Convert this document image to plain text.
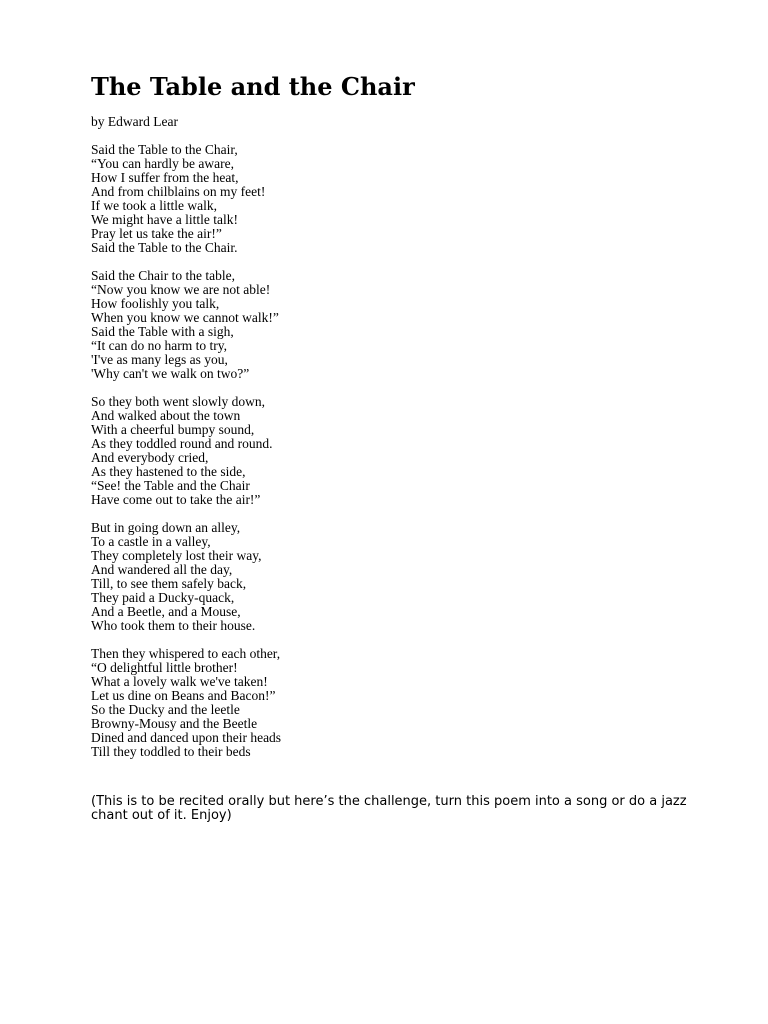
The Table and the Chair

by Edward Lear

Said the Table to the Chair,
“You can hardly be aware,
How I suffer from the heat,
And from chilblains on my feet!
If we took a little walk,
We might have a little talk!
Pray let us take the air!”
Said the Table to the Chair.
Said the Chair to the table,
“Now you know we are not able!
How foolishly you talk,
When you know we cannot walk!”
Said the Table with a sigh,
“It can do no harm to try,
'I've as many legs as you,
'Why can't we walk on two?”
So they both went slowly down,
And walked about the town
With a cheerful bumpy sound,
As they toddled round and round.
And everybody cried,
As they hastened to the side,
“See! the Table and the Chair
Have come out to take the air!”
But in going down an alley,
To a castle in a valley,
They completely lost their way,
And wandered all the day,
Till, to see them safely back,
They paid a Ducky-quack,
And a Beetle, and a Mouse,
Who took them to their house.
Then they whispered to each other,
“O delightful little brother!
What a lovely walk we've taken!
Let us dine on Beans and Bacon!”
So the Ducky and the leetle
Browny-Mousy and the Beetle
Dined and danced upon their heads
Till they toddled to their beds

(This is to be recited orally but here’s the challenge, turn this poem into a song or do a jazz chant out of it. Enjoy)
